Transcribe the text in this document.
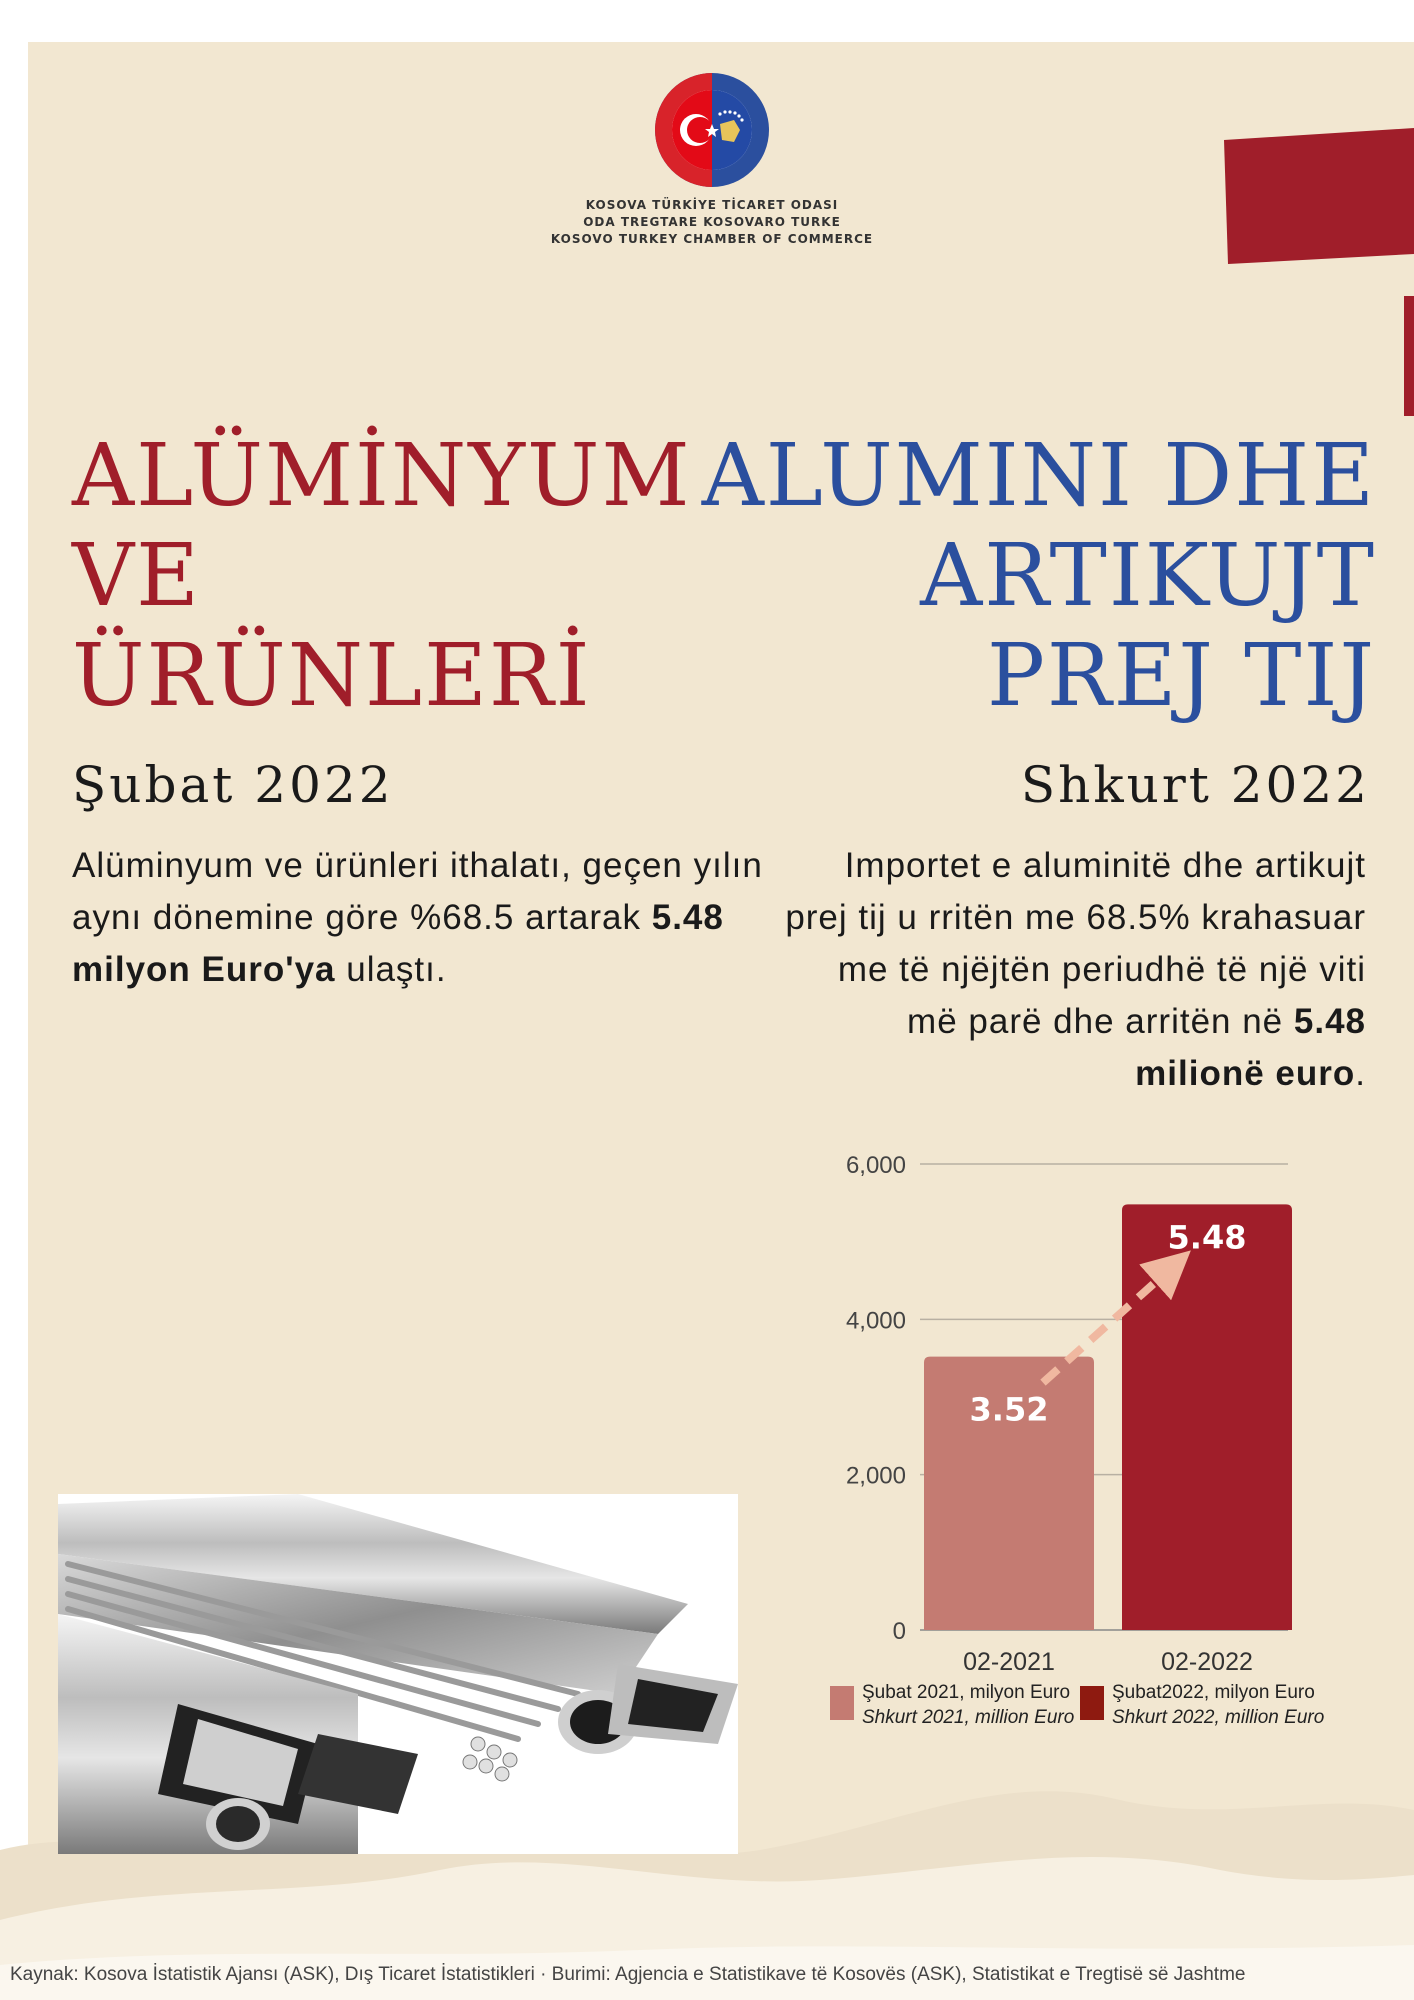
KOSOVA TÜRKİYE TİCARET ODASI
ODA TREGTARE KOSOVARO TURKE
KOSOVO TURKEY CHAMBER OF COMMERCE
ALÜMİNYUM
VE
ÜRÜNLERİ
ALUMINI DHE
ARTIKUJT
PREJ TIJ
Şubat 2022	Shkurt 2022
Alüminyum ve ürünleri ithalatı, geçen yılın aynı dönemine göre %68.5 artarak 5.48 milyon Euro'ya ulaştı.
Importet e aluminitë dhe artikujt prej tij u rritën me 68.5% krahasuar me të njëjtën periudhë të një viti më parë dhe arritën në 5.48 milionë euro.
0
2,000
4,000
6,000
3.52
02-2021
5.48
02-2022
Şubat 2021, milyon Euro
Shkurt 2021, million Euro
Şubat2022, milyon Euro
Shkurt 2022, million Euro
Kaynak: Kosova İstatistik Ajansı (ASK), Dış Ticaret İstatistikleri · Burimi: Agjencia e Statistikave të Kosovës (ASK), Statistikat e Tregtisë së Jashtme
